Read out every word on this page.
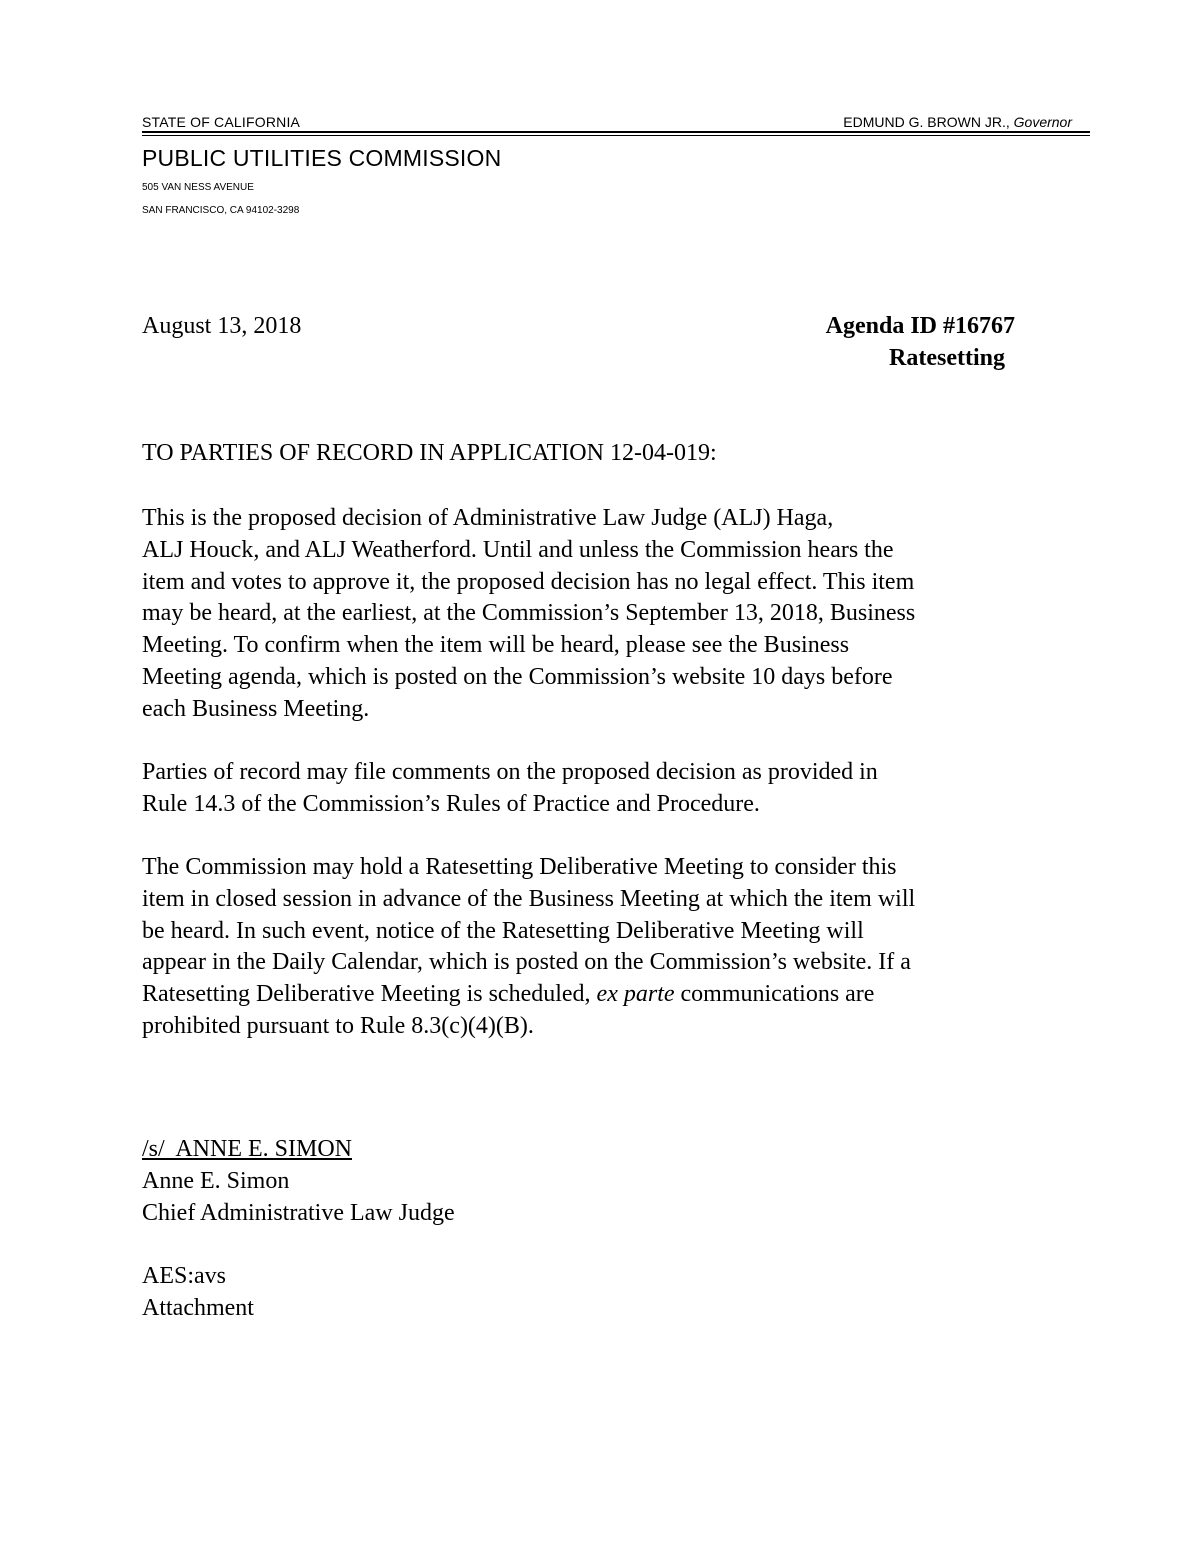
STATE OF CALIFORNIA	EDMUND G. BROWN JR., Governor
PUBLIC UTILITIES COMMISSION
505 VAN NESS AVENUE
SAN FRANCISCO, CA 94102-3298
August 13, 2018	Agenda ID #16767
Ratesetting
TO PARTIES OF RECORD IN APPLICATION 12-04-019:
This is the proposed decision of Administrative Law Judge (ALJ) Haga,
ALJ Houck, and ALJ Weatherford. Until and unless the Commission hears the
item and votes to approve it, the proposed decision has no legal effect. This item
may be heard, at the earliest, at the Commission’s September 13, 2018, Business
Meeting. To confirm when the item will be heard, please see the Business
Meeting agenda, which is posted on the Commission’s website 10 days before
each Business Meeting.
Parties of record may file comments on the proposed decision as provided in
Rule 14.3 of the Commission’s Rules of Practice and Procedure.
The Commission may hold a Ratesetting Deliberative Meeting to consider this
item in closed session in advance of the Business Meeting at which the item will
be heard. In such event, notice of the Ratesetting Deliberative Meeting will
appear in the Daily Calendar, which is posted on the Commission’s website. If a
Ratesetting Deliberative Meeting is scheduled, ex parte communications are
prohibited pursuant to Rule 8.3(c)(4)(B).
/s/  ANNE E. SIMON
Anne E. Simon
Chief Administrative Law Judge
AES:avs
Attachment
